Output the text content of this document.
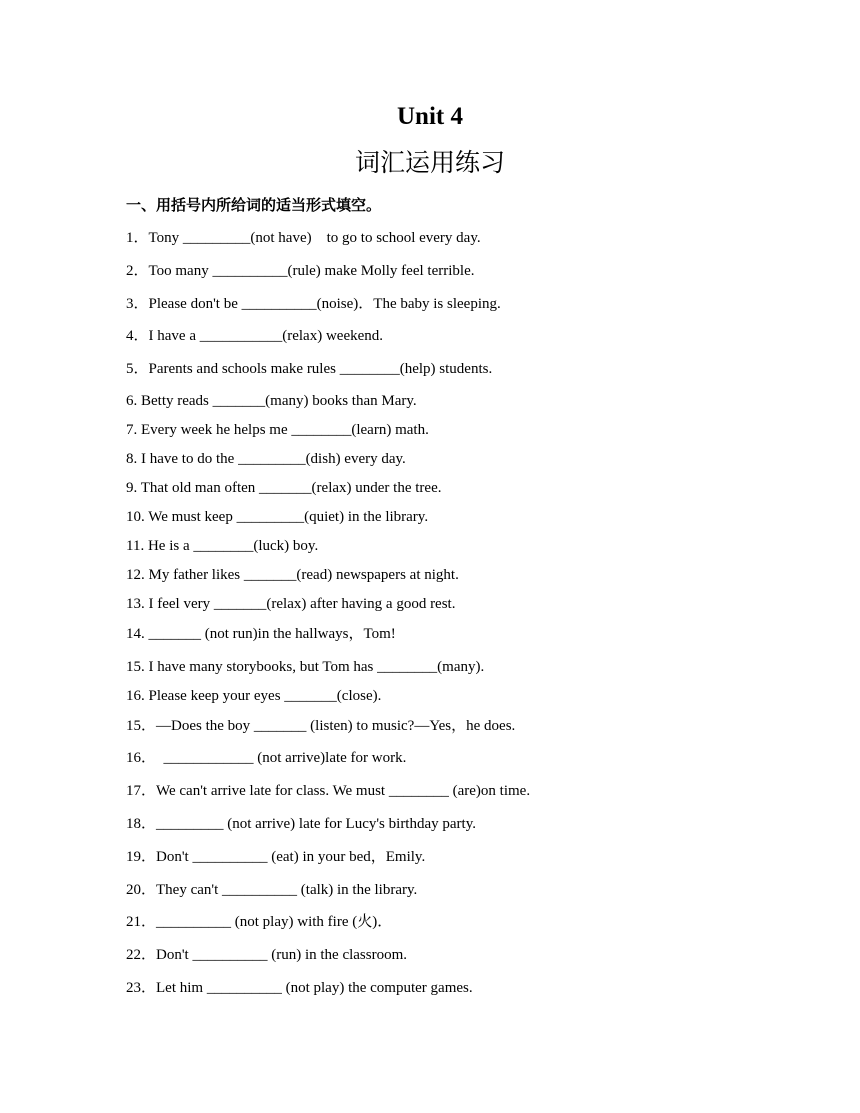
Unit 4
词汇运用练习
一、用括号内所给词的适当形式填空。
1．Tony _________(not have)    to go to school every day.
2．Too many __________(rule) make Molly feel terrible.
3．Please don't be __________(noise)．The baby is sleeping.
4．I have a ___________(relax) weekend.
5．Parents and schools make rules ________(help) students.
6. Betty reads _______(many) books than Mary.
7. Every week he helps me ________(learn) math.
8. I have to do the _________(dish) every day.
9. That old man often _______(relax) under the tree.
10. We must keep _________(quiet) in the library.
11. He is a ________(luck) boy.
12. My father likes _______(read) newspapers at night.
13. I feel very _______(relax) after having a good rest.
14. _______ (not run)in the hallways，Tom!
15. I have many storybooks, but Tom has ________(many).
16. Please keep your eyes _______(close).
15．—Does the boy _______ (listen) to music?—Yes，he does.
16． ____________ (not arrive)late for work.
17．We can't arrive late for class. We must ________ (are)on time.
18．_________ (not arrive) late for Lucy's birthday party.
19．Don't __________ (eat) in your bed，Emily.
20．They can't __________ (talk) in the library.
21．__________ (not play) with fire (火)．
22．Don't __________ (run) in the classroom.
23．Let him __________ (not play) the computer games.
